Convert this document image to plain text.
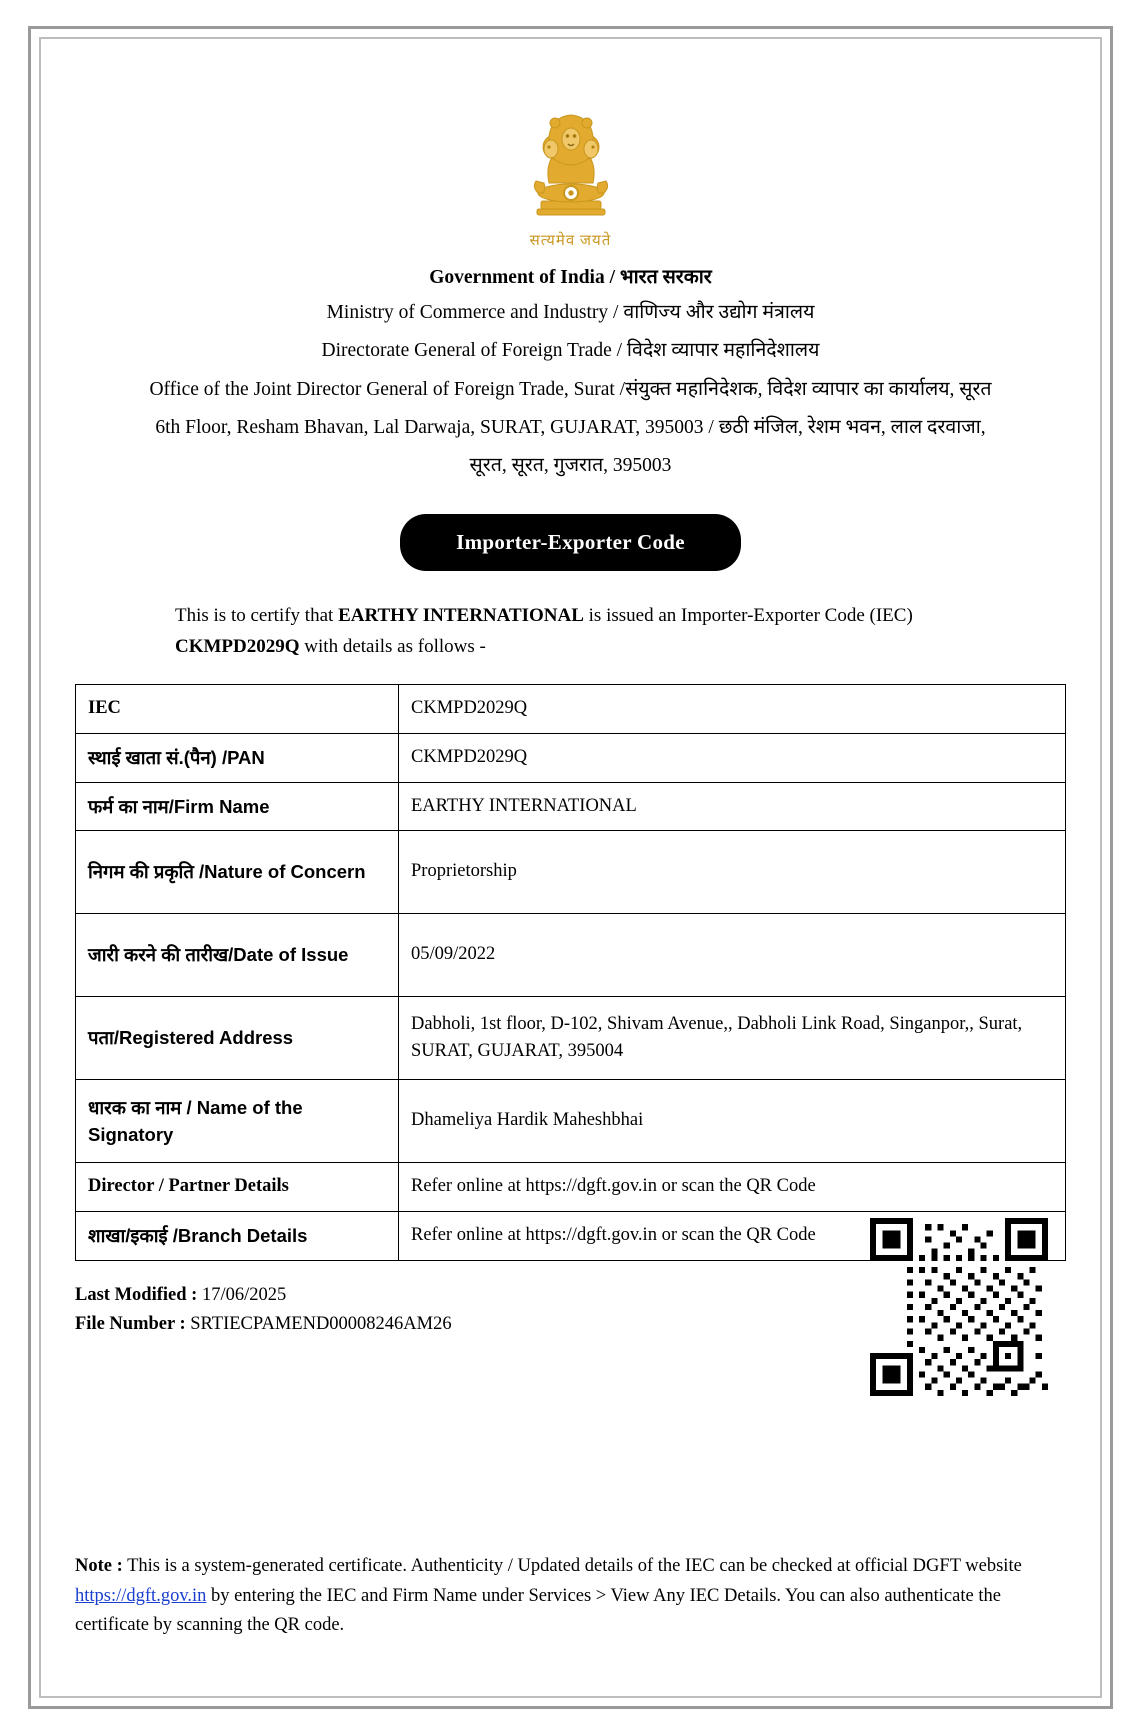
सत्यमेव जयते
Government of India / भारत सरकार
Ministry of Commerce and Industry / वाणिज्य और उद्योग मंत्रालय
Directorate General of Foreign Trade / विदेश व्यापार महानिदेशालय
Office of the Joint Director General of Foreign Trade, Surat /संयुक्त महानिदेशक, विदेश व्यापार का कार्यालय, सूरत
6th Floor, Resham Bhavan, Lal Darwaja, SURAT, GUJARAT, 395003 / छठी मंजिल, रेशम भवन, लाल दरवाजा,
सूरत, सूरत, गुजरात, 395003
Importer-Exporter Code
This is to certify that EARTHY INTERNATIONAL is issued an Importer-Exporter Code (IEC) CKMPD2029Q with details as follows -
IEC	CKMPD2029Q
स्थाई खाता सं.(पैन) /PAN	CKMPD2029Q
फर्म का नाम/Firm Name	EARTHY INTERNATIONAL
निगम की प्रकृति /Nature of Concern	Proprietorship
जारी करने की तारीख/Date of Issue	05/09/2022
पता/Registered Address	Dabholi, 1st floor, D-102, Shivam Avenue,, Dabholi Link Road, Singanpor,, Surat, SURAT, GUJARAT, 395004
धारक का नाम / Name of the Signatory	Dhameliya Hardik Maheshbhai
Director / Partner Details	Refer online at https://dgft.gov.in or scan the QR Code
शाखा/इकाई /Branch Details	Refer online at https://dgft.gov.in or scan the QR Code
Last Modified : 17/06/2025
File Number : SRTIECPAMEND00008246AM26
Note : This is a system-generated certificate. Authenticity / Updated details of the IEC can be checked at official DGFT website https://dgft.gov.in by entering the IEC and Firm Name under Services > View Any IEC Details. You can also authenticate the certificate by scanning the QR code.
